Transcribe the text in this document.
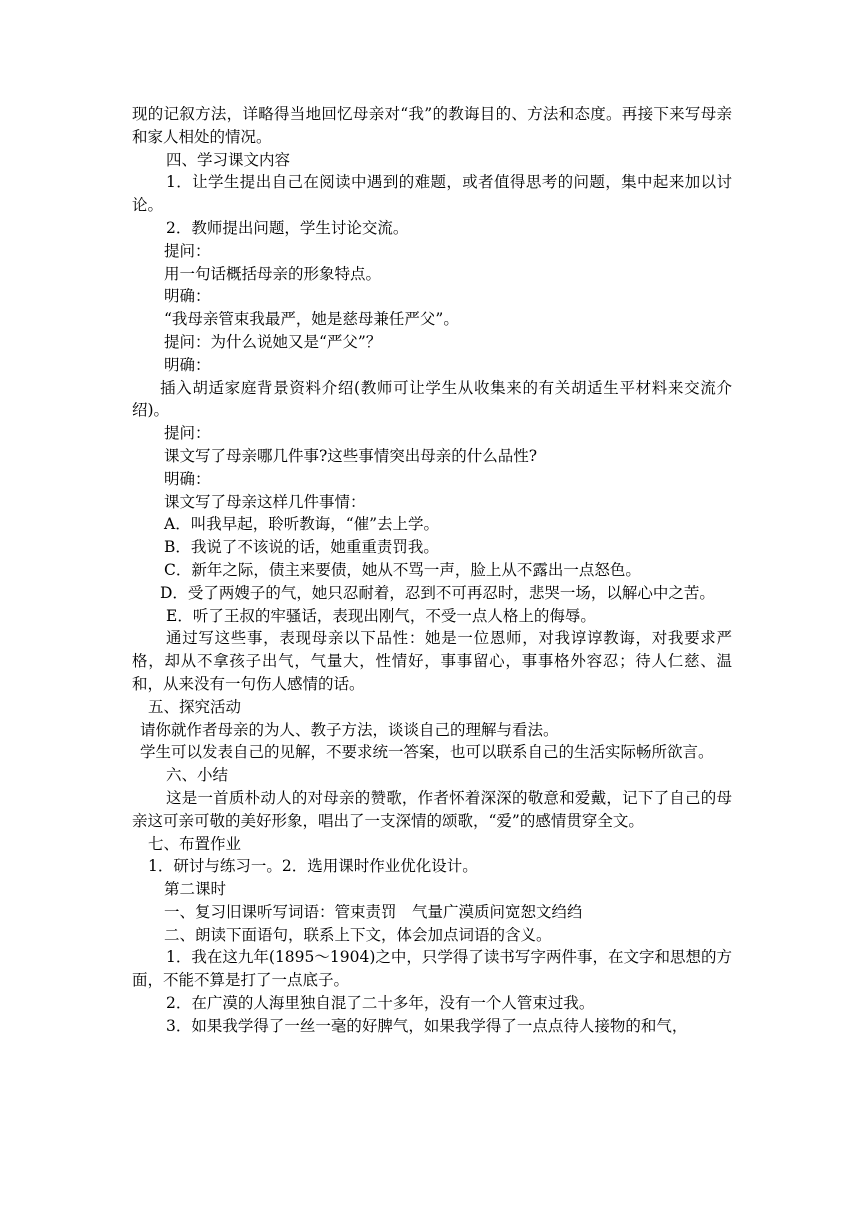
现的记叙方法，详略得当地回忆母亲对“我”的教诲目的、方法和态度。再接下来写母亲和家人相处的情况。

四、学习课文内容

1．让学生提出自己在阅读中遇到的难题，或者值得思考的问题，集中起来加以讨论。

2．教师提出问题，学生讨论交流。

提问：

用一句话概括母亲的形象特点。

明确：

“我母亲管束我最严，她是慈母兼任严父”。

提问：为什么说她又是“严父”？

明确：

插入胡适家庭背景资料介绍(教师可让学生从收集来的有关胡适生平材料来交流介绍)。

提问：

课文写了母亲哪几件事?这些事情突出母亲的什么品性?

明确：

课文写了母亲这样几件事情：

A．叫我早起，聆听教诲，“催”去上学。

B．我说了不该说的话，她重重责罚我。

C．新年之际，债主来要债，她从不骂一声，脸上从不露出一点怒色。

D．受了两嫂子的气，她只忍耐着，忍到不可再忍时，悲哭一场，以解心中之苦。

E．听了王叔的牢骚话，表现出刚气，不受一点人格上的侮辱。

通过写这些事，表现母亲以下品性：她是一位恩师，对我谆谆教诲，对我要求严格，却从不拿孩子出气，气量大，性情好，事事留心，事事格外容忍；待人仁慈、温和，从来没有一句伤人感情的话。

五、探究活动

请你就作者母亲的为人、教子方法，谈谈自己的理解与看法。

学生可以发表自己的见解，不要求统一答案，也可以联系自己的生活实际畅所欲言。

六、小结

这是一首质朴动人的对母亲的赞歌，作者怀着深深的敬意和爱戴，记下了自己的母亲这可亲可敬的美好形象，唱出了一支深情的颂歌，“爱”的感情贯穿全文。

七、布置作业

1．研讨与练习一。2．选用课时作业优化设计。

第二课时

一、复习旧课听写词语：管束责罚　气量广漠质问宽恕文绉绉

二、朗读下面语句，联系上下文，体会加点词语的含义。

1．我在这九年(1895～1904)之中，只学得了读书写字两件事，在文字和思想的方面，不能不算是打了一点底子。

2．在广漠的人海里独自混了二十多年，没有一个人管束过我。

3．如果我学得了一丝一毫的好脾气，如果我学得了一点点待人接物的和气，
